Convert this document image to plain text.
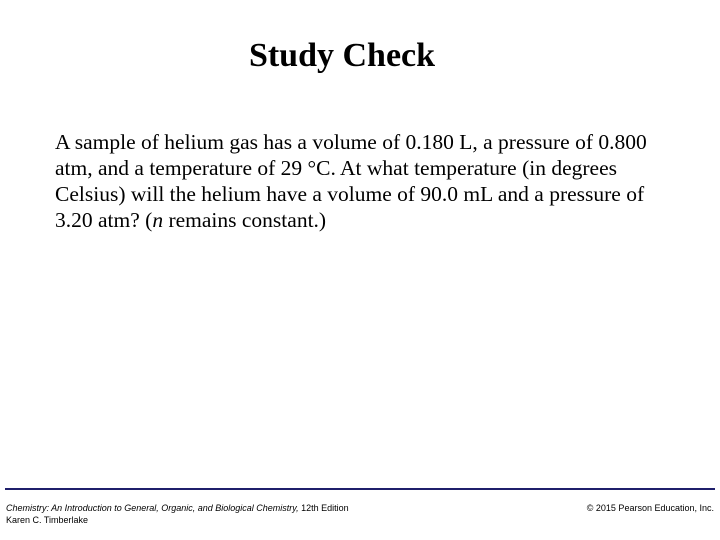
Study Check

A sample of helium gas has a volume of 0.180 L, a pressure of 0.800 atm, and a temperature of 29 °C. At what temperature (in degrees Celsius) will the helium have a volume of 90.0 mL and a pressure of 3.20 atm? (n remains constant.)

Chemistry: An Introduction to General, Organic, and Biological Chemistry, 12th Edition
Karen C. Timberlake
© 2015 Pearson Education, Inc.
